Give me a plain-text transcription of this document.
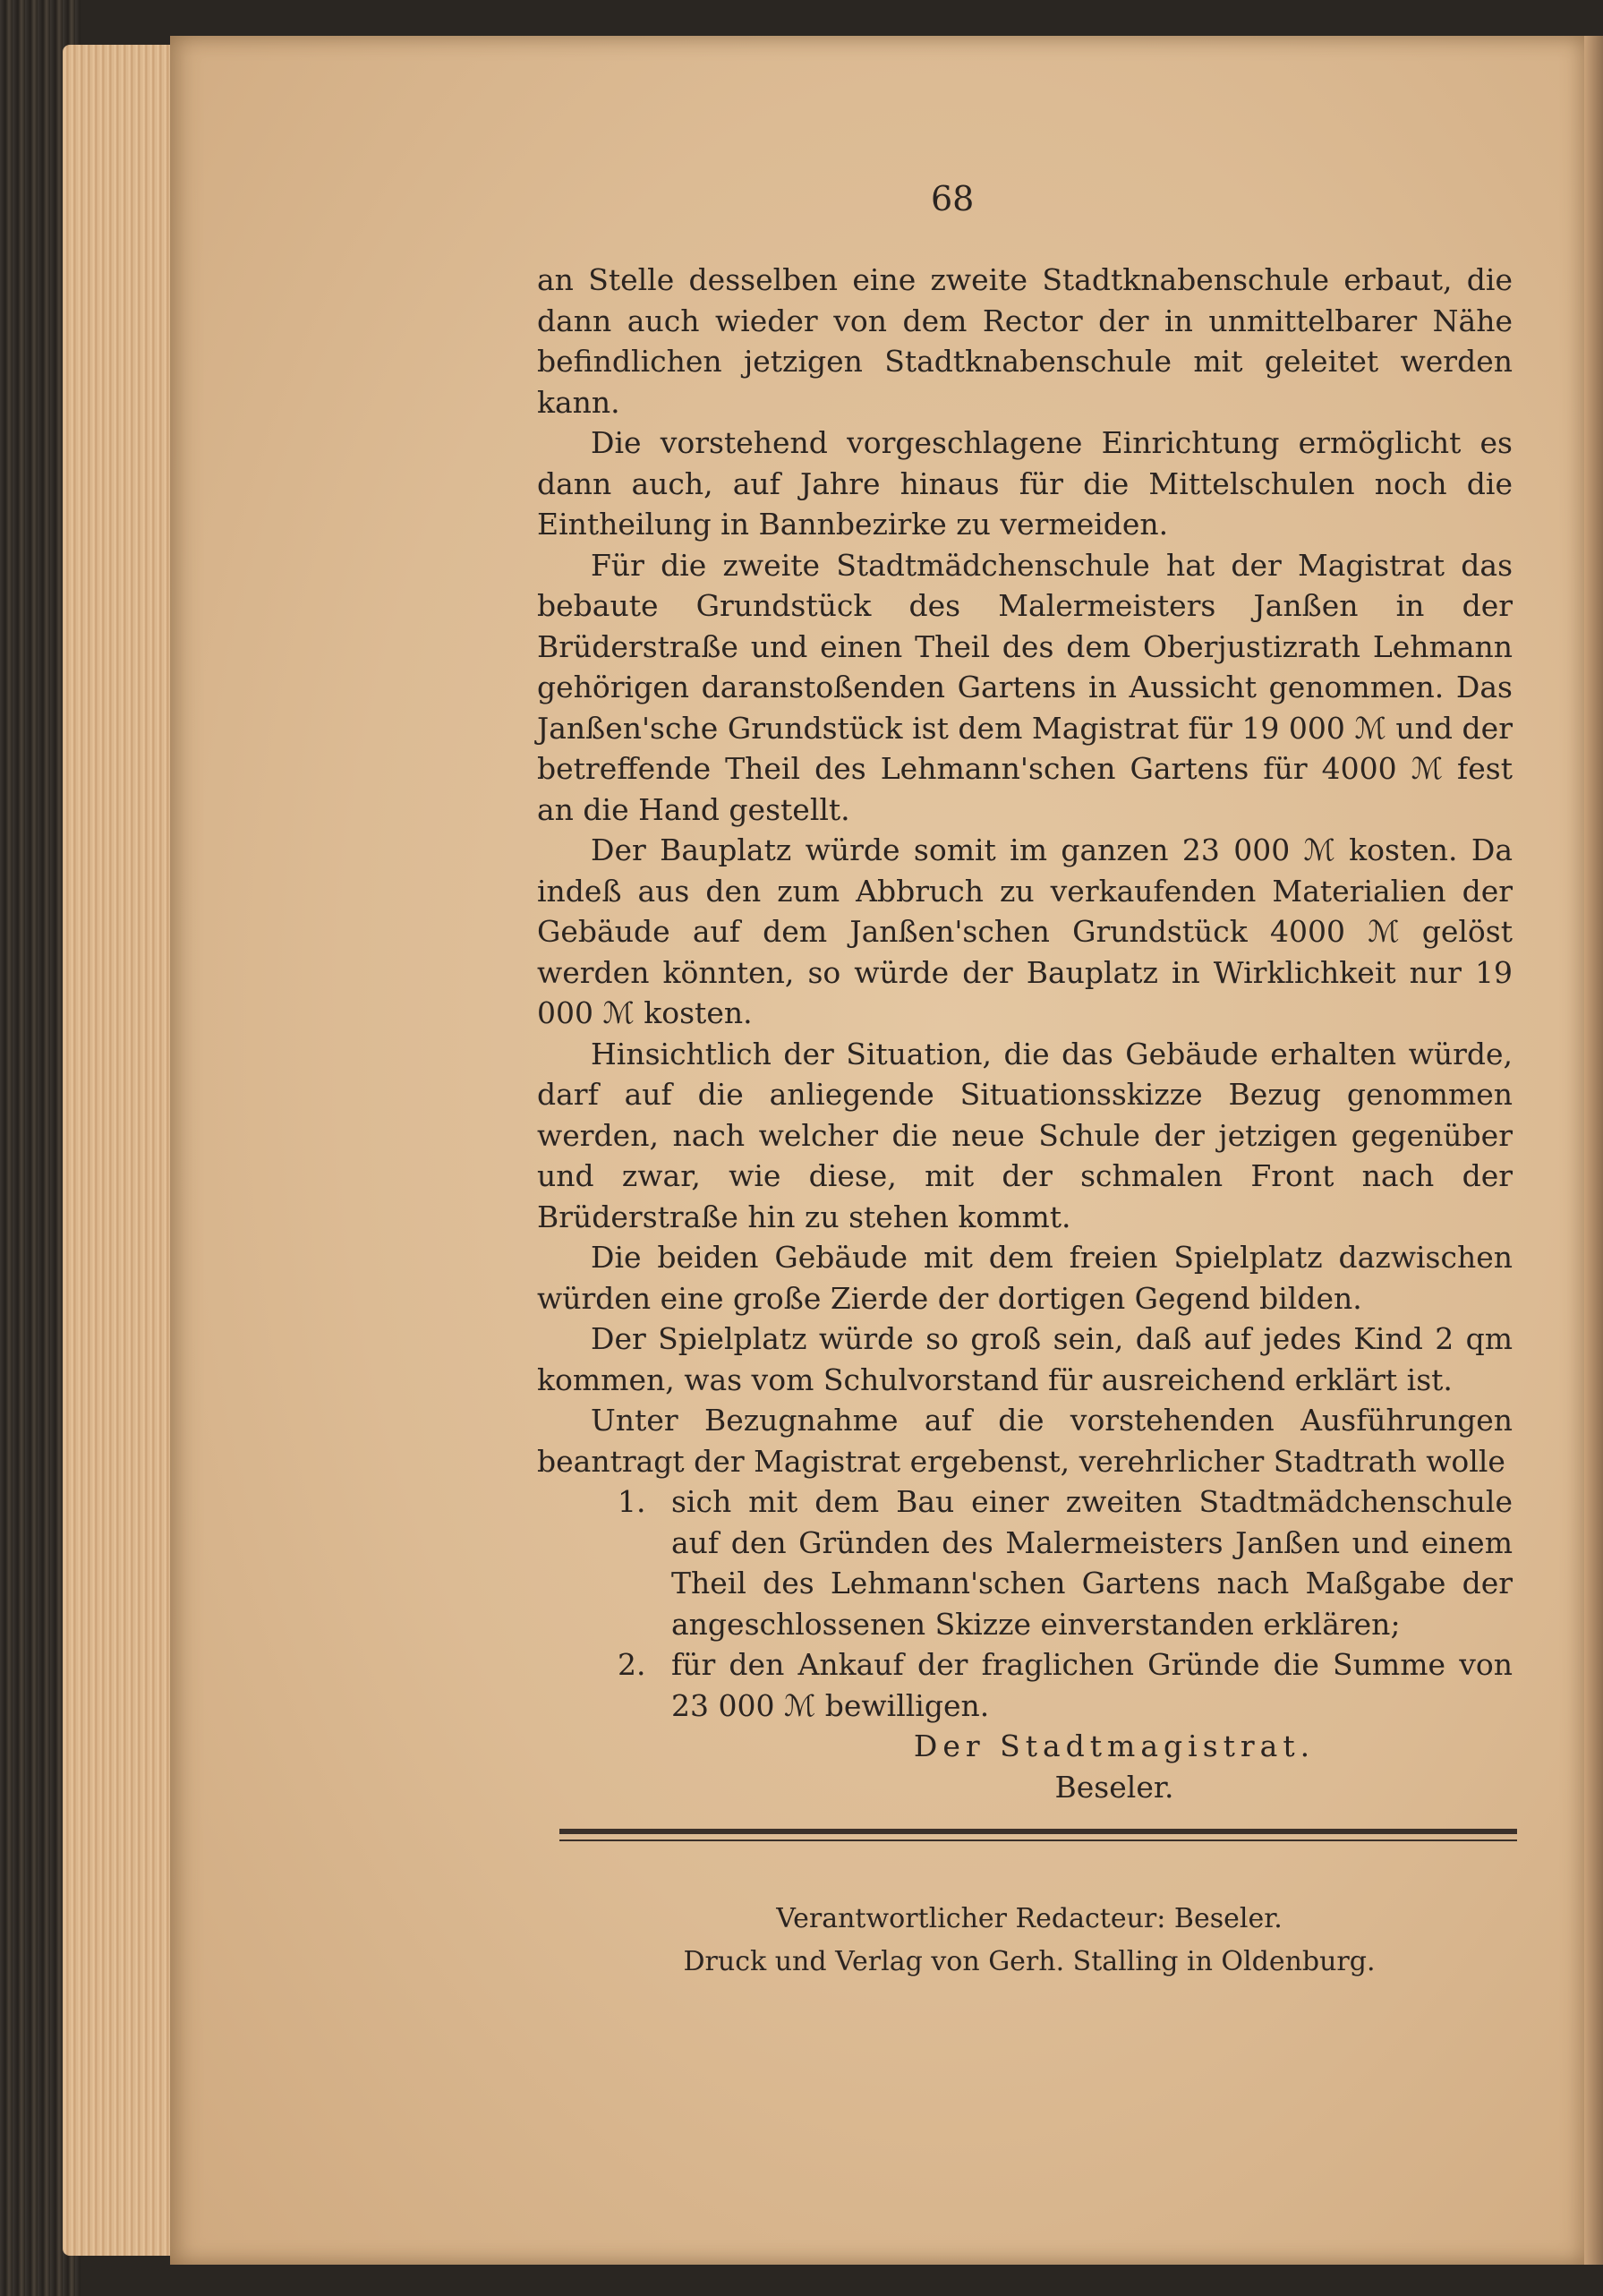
68

an Stelle desselben eine zweite Stadtknabenschule erbaut, die dann auch wieder von dem Rector der in unmittelbarer Nähe befindlichen jetzigen Stadtknabenschule mit geleitet werden kann.

Die vorstehend vorgeschlagene Einrichtung ermöglicht es dann auch, auf Jahre hinaus für die Mittelschulen noch die Eintheilung in Bannbezirke zu vermeiden.

Für die zweite Stadtmädchenschule hat der Magistrat das bebaute Grundstück des Malermeisters Janßen in der Brüderstraße und einen Theil des dem Oberjustizrath Lehmann gehörigen daranstoßenden Gartens in Aussicht genommen. Das Janßen'sche Grundstück ist dem Magistrat für 19 000 ℳ und der betreffende Theil des Lehmann'schen Gartens für 4000 ℳ fest an die Hand gestellt.

Der Bauplatz würde somit im ganzen 23 000 ℳ kosten. Da indeß aus den zum Abbruch zu verkaufenden Materialien der Gebäude auf dem Janßen'schen Grundstück 4000 ℳ gelöst werden könnten, so würde der Bauplatz in Wirklichkeit nur 19 000 ℳ kosten.

Hinsichtlich der Situation, die das Gebäude erhalten würde, darf auf die anliegende Situationsskizze Bezug genommen werden, nach welcher die neue Schule der jetzigen gegenüber und zwar, wie diese, mit der schmalen Front nach der Brüderstraße hin zu stehen kommt.

Die beiden Gebäude mit dem freien Spielplatz dazwischen würden eine große Zierde der dortigen Gegend bilden.

Der Spielplatz würde so groß sein, daß auf jedes Kind 2 qm kommen, was vom Schulvorstand für ausreichend erklärt ist.

Unter Bezugnahme auf die vorstehenden Ausführungen beantragt der Magistrat ergebenst, verehrlicher Stadtrath wolle

1. sich mit dem Bau einer zweiten Stadtmädchenschule auf den Gründen des Malermeisters Janßen und einem Theil des Lehmann'schen Gartens nach Maßgabe der angeschlossenen Skizze einverstanden erklären;
2. für den Ankauf der fraglichen Gründe die Summe von 23 000 ℳ bewilligen.
Der Stadtmagistrat.
Beseler.
Verantwortlicher Redacteur: Beseler.
Druck und Verlag von Gerh. Stalling in Oldenburg.
